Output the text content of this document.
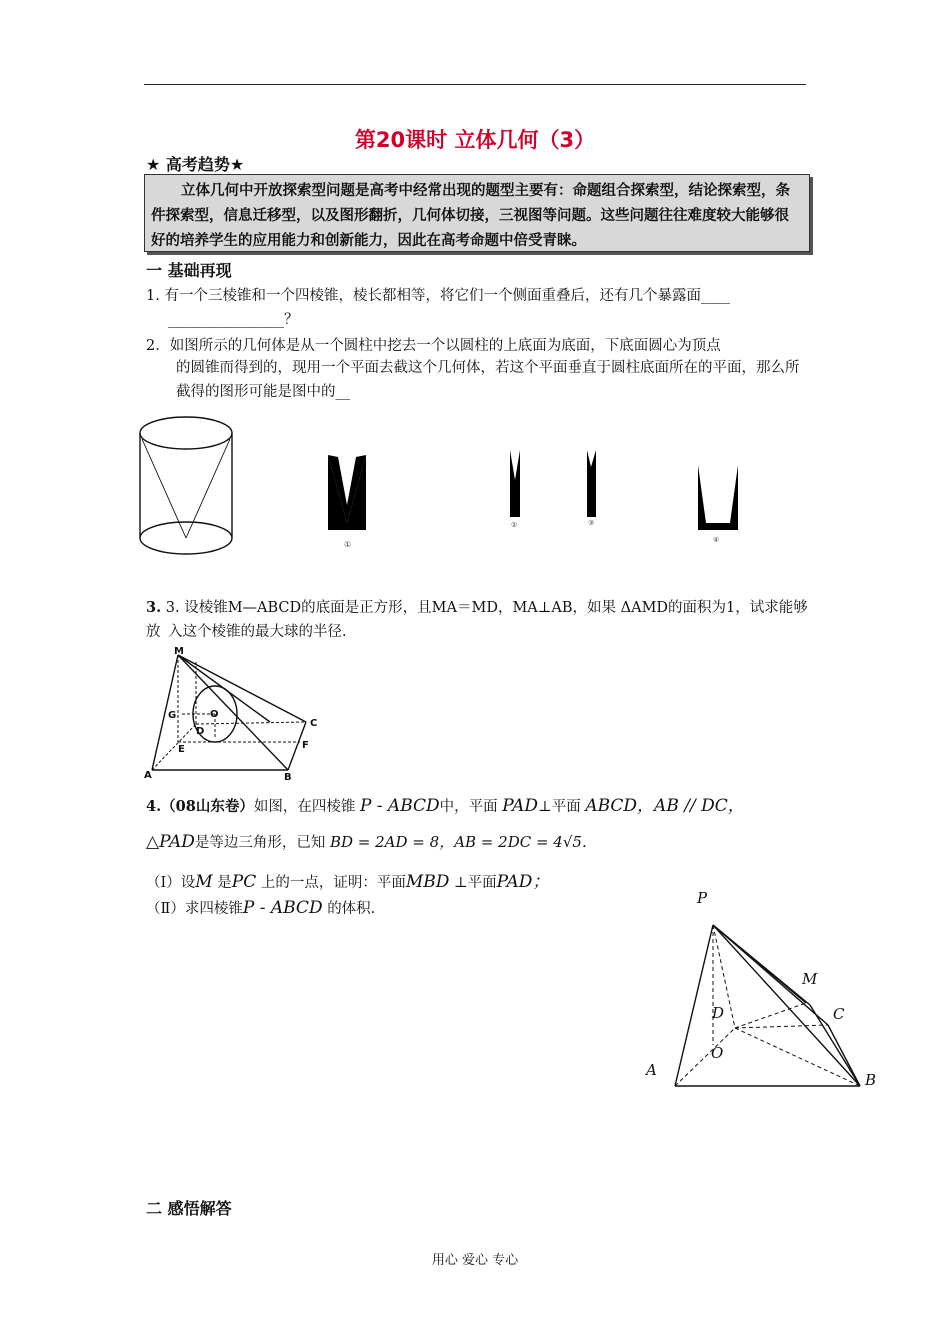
第20课时 立体几何（3）
★ 高考趋势★
立体几何中开放探索型问题是高考中经常出现的题型主要有：命题组合探索型，结论探索型，条件探索型，信息迁移型，以及图形翻折，几何体切接，三视图等问题。这些问题往往难度较大能够很好的培养学生的应用能力和创新能力，因此在高考命题中倍受青睐。
一 基础再现
1. 有一个三棱锥和一个四棱锥，棱长都相等，将它们一个侧面重叠后，还有几个暴露面____
________________？
2．如图所示的几何体是从一个圆柱中挖去一个以圆柱的上底面为底面，下底面圆心为顶点
的圆锥而得到的，现用一个平面去截这个几何体，若这个平面垂直于圆柱底面所在的平面，那么所截得的图形可能是图中的__
①
②	③
④
3. 3. 设棱锥M—ABCD的底面是正方形，且MA＝MD，MA⊥AB，如果 ΔAMD的面积为1，试求能够放 入这个棱锥的最大球的半径.
M
G	O
D
C
E	F
A	B
4.（08山东卷）如图，在四棱锥 P - ABCD中，平面 PAD⊥平面 ABCD，AB // DC，
△PAD是等边三角形，已知 BD = 2AD = 8，AB = 2DC = 4√5.
（Ⅰ）设M 是PC 上的一点，证明：平面MBD ⊥平面PAD；
（Ⅱ）求四棱锥P - ABCD 的体积.
P
M
D	C
O
A
B
二 感悟解答
用心 爱心 专心
